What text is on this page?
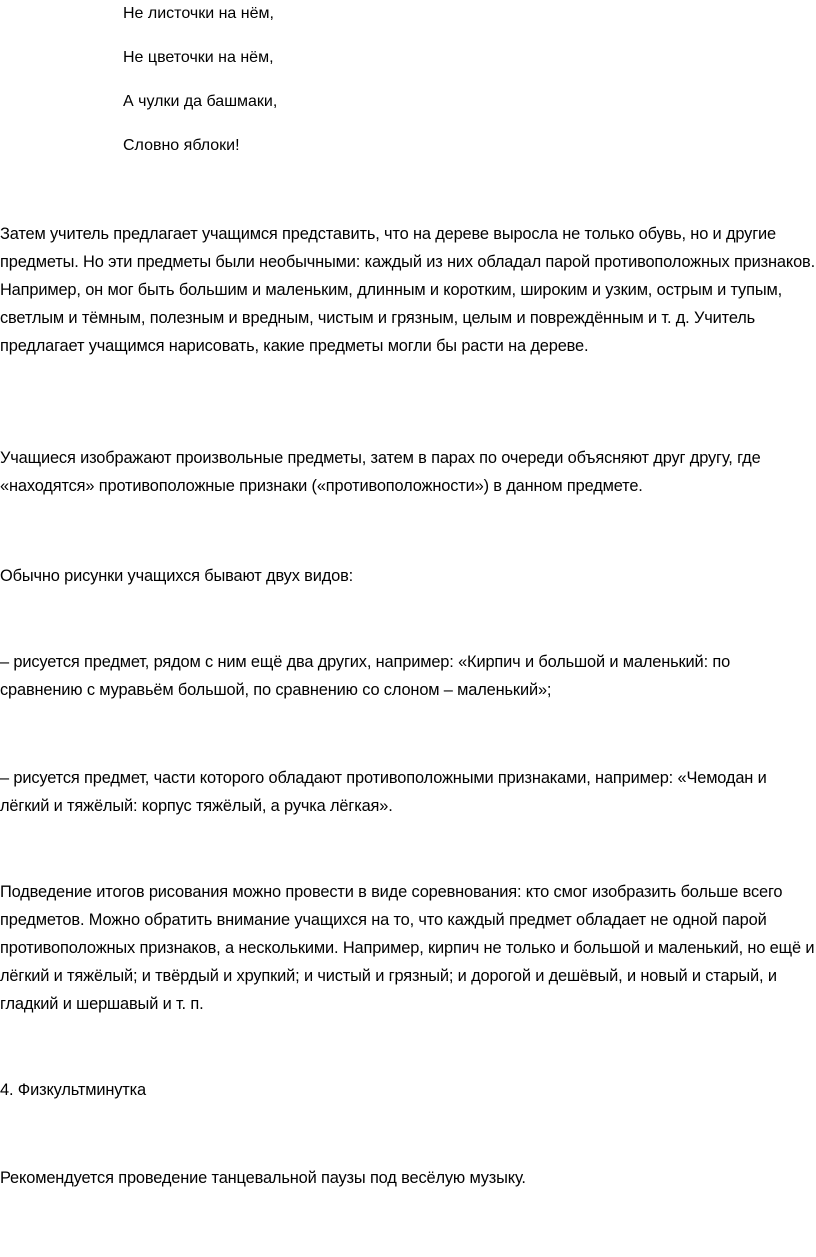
Не листочки на нём,
Не цветочки на нём,
А чулки да башмаки,
Словно яблоки!
Затем учитель предлагает учащимся представить, что на дереве выросла не только обувь, но и другие предметы. Но эти предметы были необычными: каждый из них обладал парой противоположных признаков. Например, он мог быть большим и маленьким, длинным и коротким, широким и узким, острым и тупым, светлым и тёмным, полезным и вредным, чистым и грязным, целым и повреждённым и т. д. Учитель предлагает учащимся нарисовать, какие предметы могли бы расти на дереве.
Учащиеся изображают произвольные предметы, затем в парах по очереди объясняют друг другу, где «находятся» противоположные признаки («противоположности») в данном предмете.
Обычно рисунки учащихся бывают двух видов:
– рисуется предмет, рядом с ним ещё два других, например: «Кирпич и большой и маленький: по сравнению с муравьём большой, по сравнению со слоном – маленький»;
– рисуется предмет, части которого обладают противоположными признаками, например: «Чемодан и лёгкий и тяжёлый: корпус тяжёлый, а ручка лёгкая».
Подведение итогов рисования можно провести в виде соревнования: кто смог изобразить больше всего предметов. Можно обратить внимание учащихся на то, что каждый предмет обладает не одной парой противоположных признаков, а несколькими. Например, кирпич не только и большой и маленький, но ещё и лёгкий и тяжёлый; и твёрдый и хрупкий; и чистый и грязный; и дорогой и дешёвый, и новый и старый, и гладкий и шершавый и т. п.
4. Физкультминутка
Рекомендуется проведение танцевальной паузы под весёлую музыку.
